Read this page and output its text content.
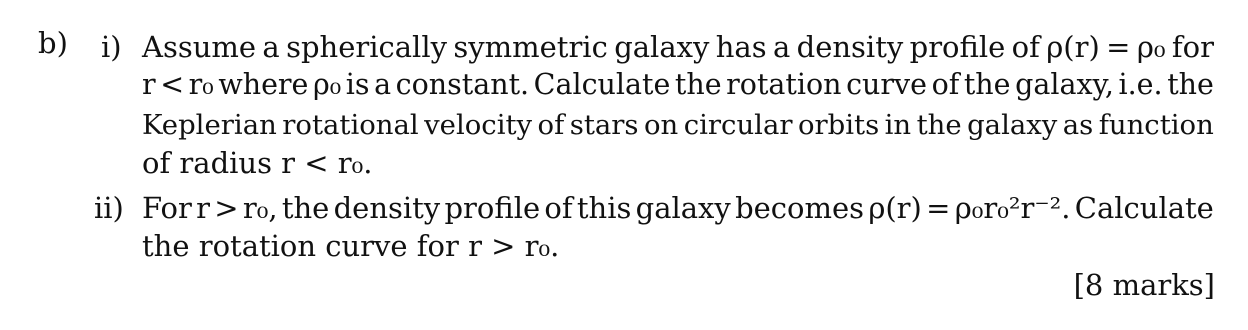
b) i) Assume a spherically symmetric galaxy has a density profile of ρ(r) = ρ₀ for
r < r₀ where ρ₀ is a constant. Calculate the rotation curve of the galaxy, i.e. the
Keplerian rotational velocity of stars on circular orbits in the galaxy as function
of radius r < r₀.
ii) For r > r₀, the density profile of this galaxy becomes ρ(r) = ρ₀r₀²r⁻². Calculate
the rotation curve for r > r₀.
[8 marks]
